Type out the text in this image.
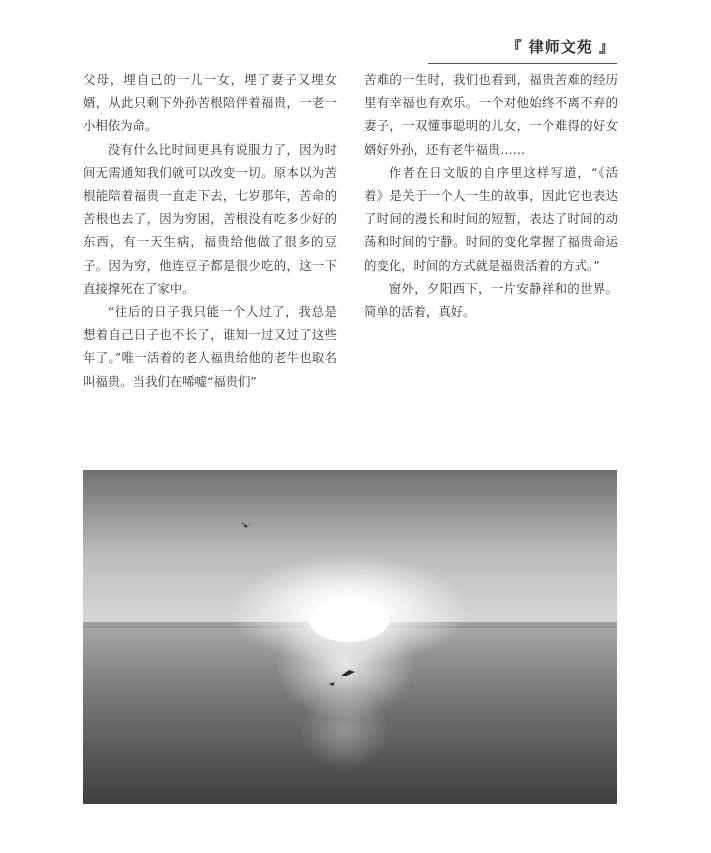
『 律师文苑 』

父母，埋自己的一儿一女，埋了妻子又埋女婿，从此只剩下外孙苦根陪伴着福贵，一老一小相依为命。

没有什么比时间更具有说服力了，因为时间无需通知我们就可以改变一切。原本以为苦根能陪着福贵一直走下去，七岁那年，苦命的苦根也去了，因为穷困，苦根没有吃多少好的东西，有一天生病，福贵给他做了很多的豆子。因为穷，他连豆子都是很少吃的，这一下直接撑死在了家中。

“往后的日子我只能一个人过了，我总是想着自己日子也不长了，谁知一过又过了这些年了。”唯一活着的老人福贵给他的老牛也取名叫福贵。当我们在唏嘘“福贵们”

苦难的一生时，我们也看到，福贵苦难的经历里有幸福也有欢乐。一个对他始终不离不弃的妻子，一双懂事聪明的儿女，一个难得的好女婿好外孙，还有老牛福贵……

作者在日文版的自序里这样写道，“《活着》是关于一个人一生的故事，因此它也表达了时间的漫长和时间的短暂，表达了时间的动荡和时间的宁静。时间的变化掌握了福贵命运的变化，时间的方式就是福贵活着的方式。”

窗外，夕阳西下，一片安静祥和的世界。简单的活着，真好。
